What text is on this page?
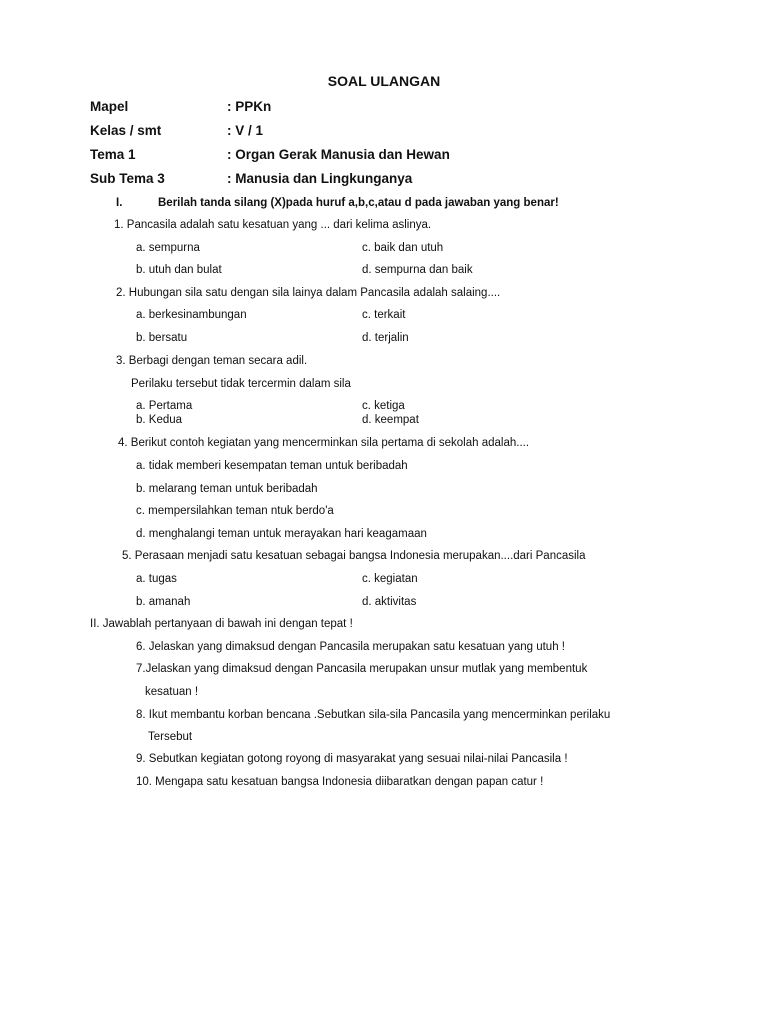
SOAL ULANGAN
Mapel	: PPKn
Kelas / smt	: V / 1
Tema 1	: Organ Gerak Manusia dan Hewan
Sub Tema 3	: Manusia dan Lingkunganya
I.	Berilah tanda silang (X)pada huruf a,b,c,atau d pada jawaban yang benar!
1. Pancasila adalah satu kesatuan yang ... dari kelima aslinya.
a. sempurna
b. utuh dan bulat
c. baik dan utuh
d. sempurna dan baik
2. Hubungan sila satu dengan sila lainya dalam Pancasila adalah salaing....
a. berkesinambungan
b. bersatu
c. terkait
d. terjalin
3. Berbagi dengan teman secara adil.
Perilaku tersebut tidak tercermin dalam sila
a. Pertama
b. Kedua
c. ketiga
d. keempat
4. Berikut contoh kegiatan yang mencerminkan sila pertama di sekolah adalah....
a. tidak memberi kesempatan teman untuk beribadah
b. melarang teman untuk beribadah
c. mempersilahkan teman ntuk berdo'a
d. menghalangi teman untuk merayakan hari keagamaan
5. Perasaan menjadi satu kesatuan sebagai bangsa Indonesia merupakan....dari Pancasila
a. tugas
b. amanah
c. kegiatan
d. aktivitas
II. Jawablah pertanyaan di bawah ini dengan tepat !
6. Jelaskan yang dimaksud dengan Pancasila merupakan satu kesatuan yang utuh !
7.Jelaskan yang dimaksud dengan Pancasila merupakan unsur mutlak yang membentuk
kesatuan !
8. Ikut membantu korban bencana .Sebutkan sila-sila Pancasila yang mencerminkan perilaku
Tersebut
9. Sebutkan kegiatan gotong royong di masyarakat yang sesuai nilai-nilai Pancasila !
10. Mengapa satu kesatuan bangsa Indonesia diibaratkan dengan papan catur !
